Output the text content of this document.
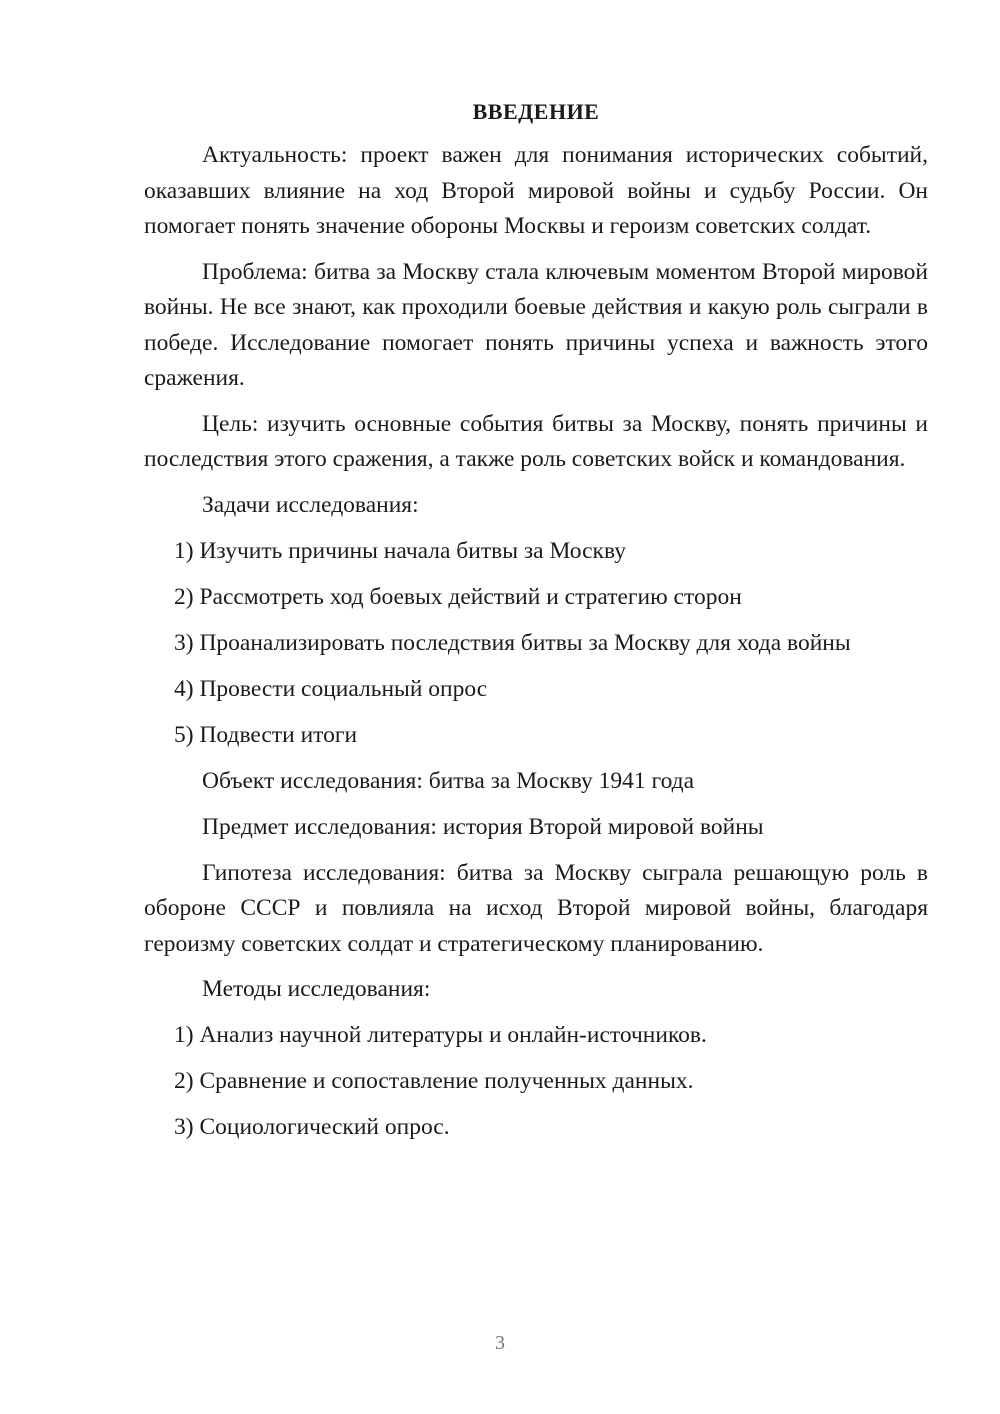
ВВЕДЕНИЕ

Актуальность: проект важен для понимания исторических событий, оказавших влияние на ход Второй мировой войны и судьбу России. Он помогает понять значение обороны Москвы и героизм советских солдат.

Проблема: битва за Москву стала ключевым моментом Второй мировой войны. Не все знают, как проходили боевые действия и какую роль сыграли в победе. Исследование помогает понять причины успеха и важность этого сражения.

Цель: изучить основные события битвы за Москву, понять причины и последствия этого сражения, а также роль советских войск и командования.

Задачи исследования:

1) Изучить причины начала битвы за Москву

2) Рассмотреть ход боевых действий и стратегию сторон

3) Проанализировать последствия битвы за Москву для хода войны

4) Провести социальный опрос

5) Подвести итоги

Объект исследования: битва за Москву 1941 года

Предмет исследования: история Второй мировой войны

Гипотеза исследования: битва за Москву сыграла решающую роль в обороне СССР и повлияла на исход Второй мировой войны, благодаря героизму советских солдат и стратегическому планированию.

Методы исследования:

1) Анализ научной литературы и онлайн-источников.

2) Сравнение и сопоставление полученных данных.

3) Социологический опрос.

3
